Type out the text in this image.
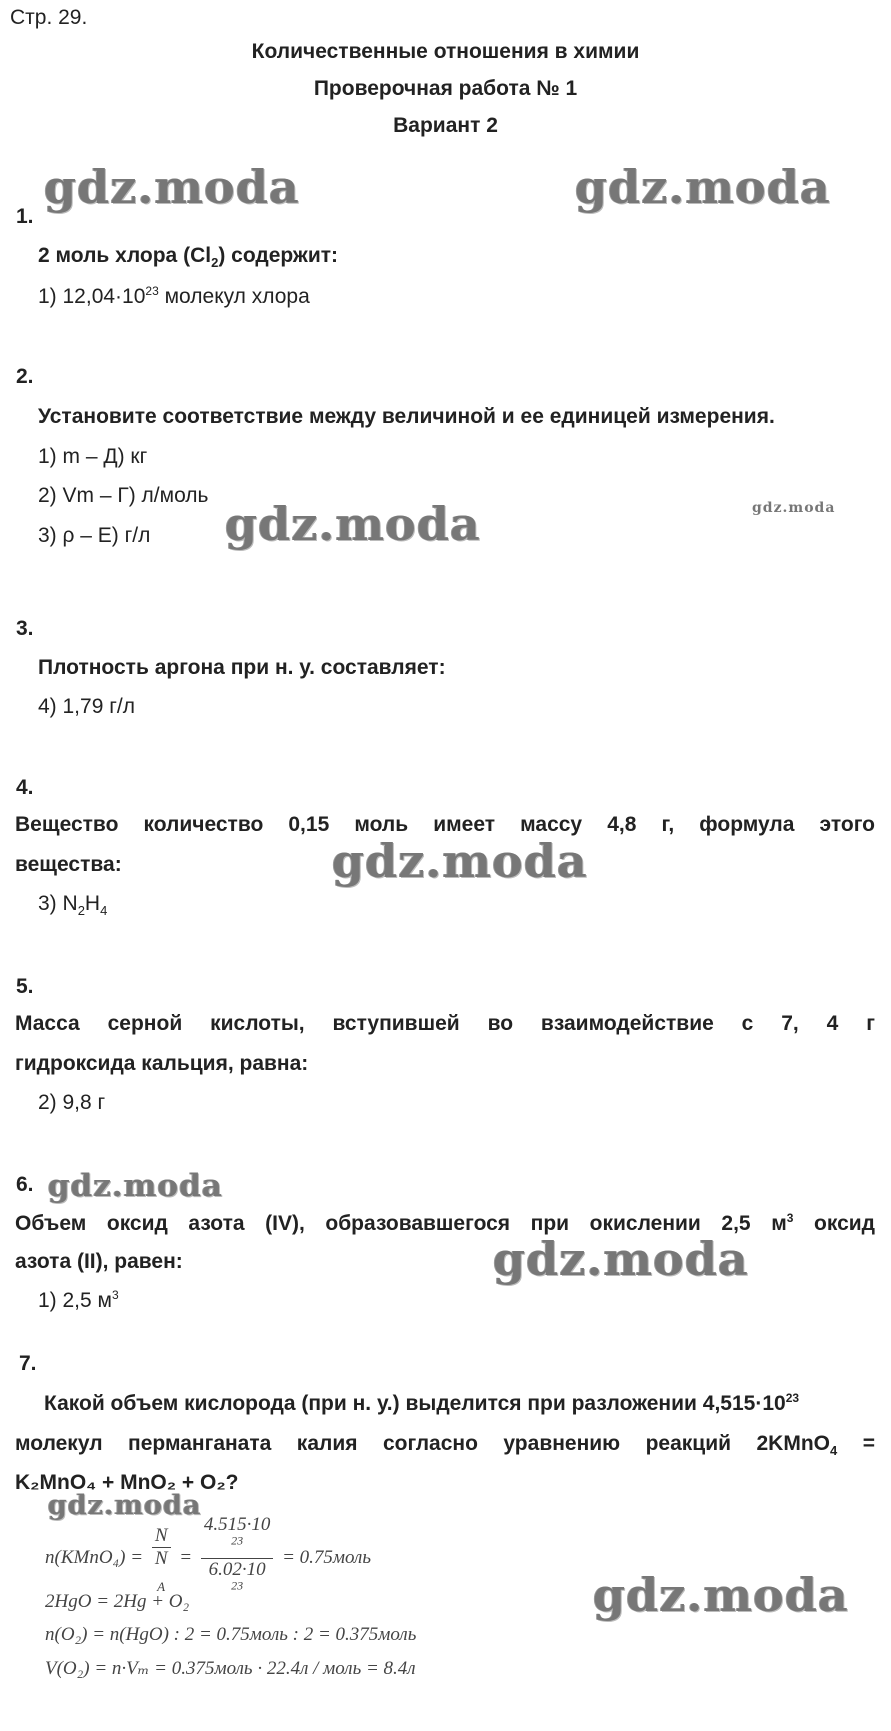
Стр. 29.
Количественные отношения в химии
Проверочная работа № 1
Вариант 2
gdz.moda	gdz.moda
gdz.moda	gdz.moda
gdz.moda
gdz.moda
gdz.moda
gdz.moda
gdz.moda
1.
2 моль хлора $(Cl_2)$ содержит:
1) $12,04\cdot 10^{23}$ молекул хлора
2.
Установите соответствие между величиной и ее единицей измерения.
1) m – Д) кг
2) Vm – Г) л/моль
3) ρ – Е) г/л
3.
Плотность аргона при н. у. составляет:
4) 1,79 г/л
4.
Вещество количество 0,15 моль имеет массу 4,8 г, формула этого
вещества:
3) $N_2H_4$
5.
Масса серной кислоты, вступившей во взаимодействие с 7, 4 г
гидроксида кальция, равна:
2) 9,8 г
6.
Объем оксид азота (IV), образовавшегося при окислении 2,5 $м^3$ оксид
азота (II), равен:
1) 2,5 $м^3$
7.
Какой объем кислорода (при н. у.) выделится при разложении $4,515\cdot 10^{23}$
молекул перманганата калия согласно уравнению реакций 2KMnO$_4$ =
K₂MnO₄ + MnO₂ + O₂?
n(KMnO₄) = N
N
$_A$ = 4.515·10
$^{23}$
6.02·10
$^{23}$ = 0.75моль
2HgO = 2Hg + O₂
n(O₂) = n(HgO) : 2 = 0.75моль : 2 = 0.375моль
V(O₂) = n·Vₘ = 0.375моль · 22.4л / моль = 8.4л
